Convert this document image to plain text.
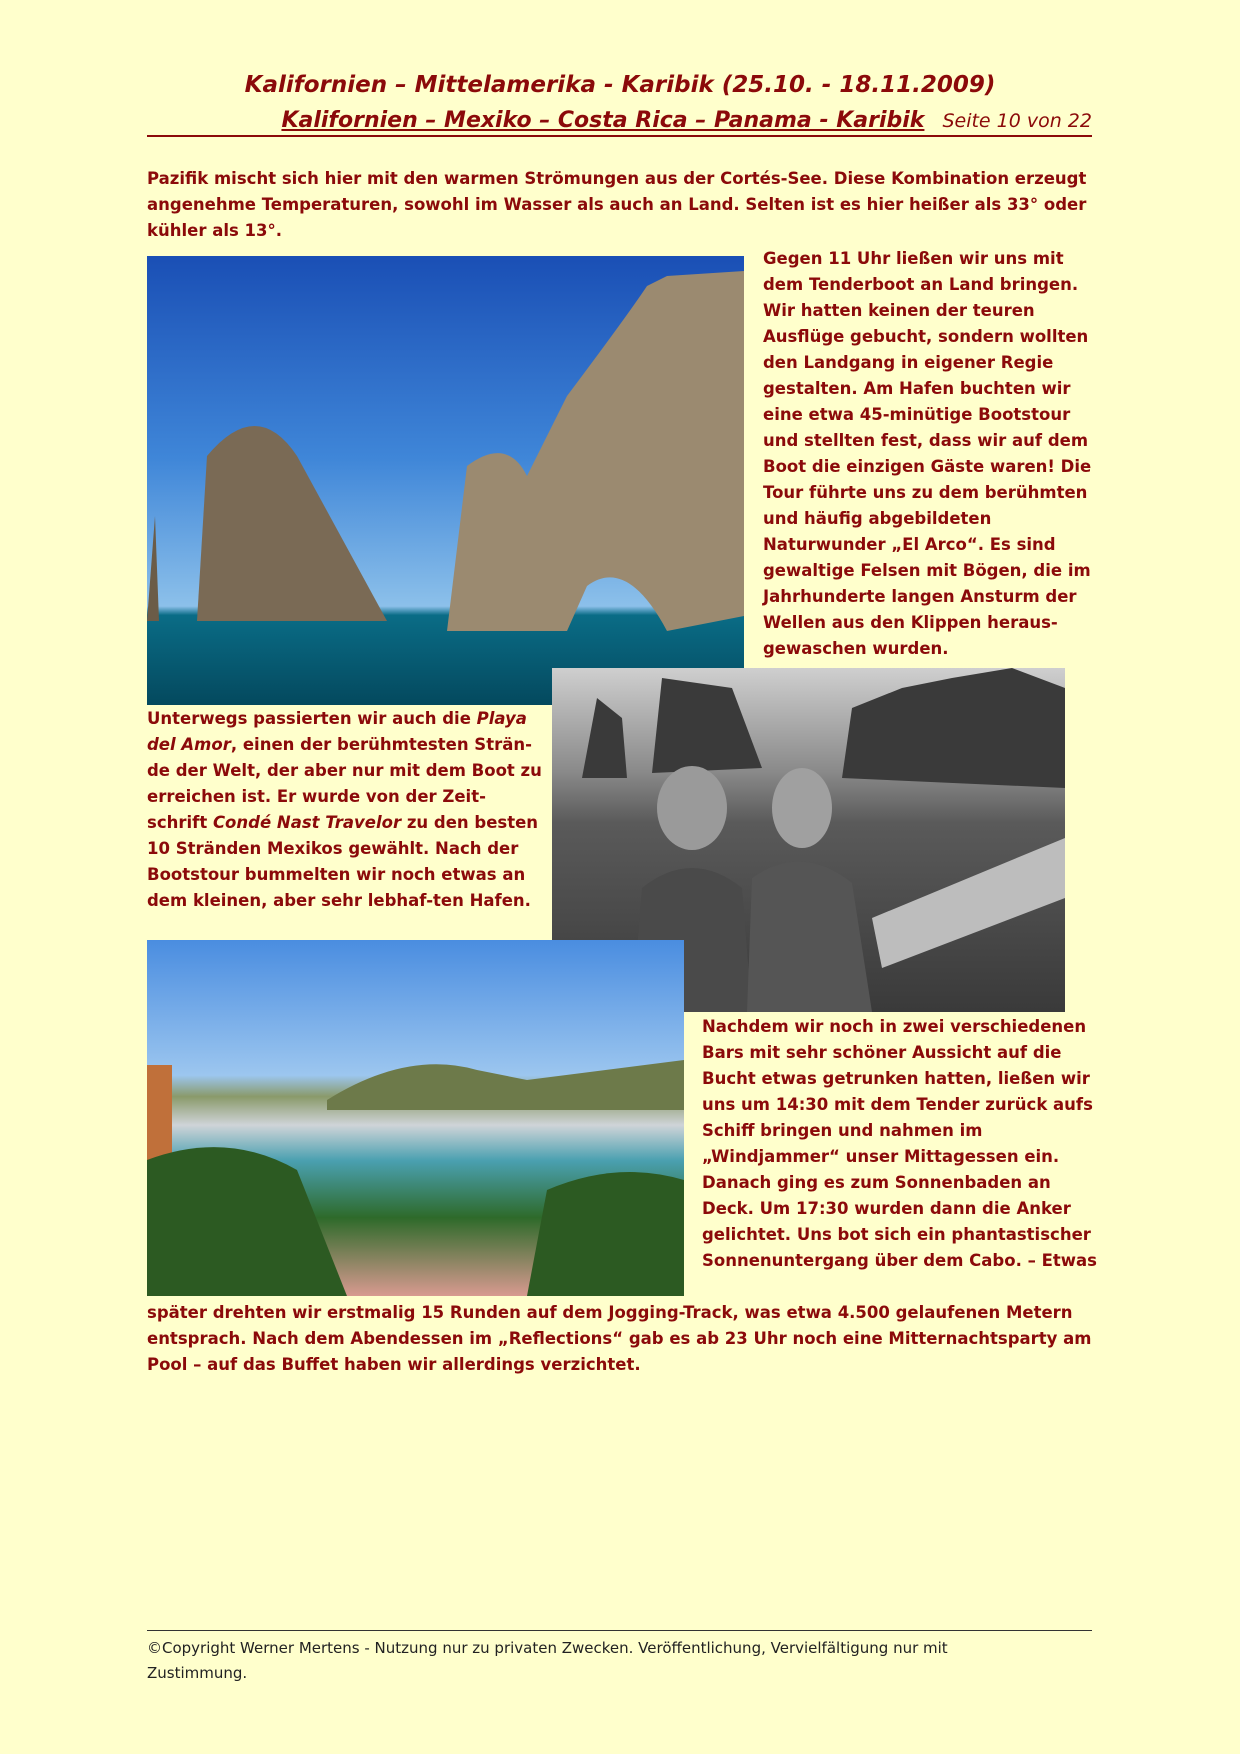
Kalifornien – Mittelamerika - Karibik (25.10. - 18.11.2009)
Kalifornien – Mexiko – Costa Rica – Panama - Karibik Seite 10 von 22
Pazifik mischt sich hier mit den warmen Strömungen aus der Cortés-See. Diese Kombination erzeugt angenehme Temperaturen, sowohl im Wasser als auch an Land. Selten ist es hier heißer als 33° oder kühler als 13°.
Gegen 11 Uhr ließen wir uns mit dem Tenderboot an Land bringen. Wir hatten keinen der teuren Ausflüge gebucht, sondern wollten den Landgang in eigener Regie gestalten. Am Hafen buchten wir eine etwa 45-minütige Bootstour und stellten fest, dass wir auf dem Boot die einzigen Gäste waren! Die Tour führte uns zu dem berühmten und häufig abgebildeten Naturwunder „El Arco“. Es sind gewaltige Felsen mit Bögen, die im Jahrhunderte langen Ansturm der Wellen aus den Klippen heraus-gewaschen wurden.
Unterwegs passierten wir auch die Playa del Amor, einen der berühmtesten Strän-de der Welt, der aber nur mit dem Boot zu erreichen ist. Er wurde von der Zeit-schrift Condé Nast Travelor zu den besten 10 Stränden Mexikos gewählt. Nach der Bootstour bummelten wir noch etwas an dem kleinen, aber sehr lebhaf-ten Hafen.
Nachdem wir noch in zwei verschiedenen Bars mit sehr schöner Aussicht auf die Bucht etwas getrunken hatten, ließen wir uns um 14:30 mit dem Tender zurück aufs Schiff bringen und nahmen im „Windjammer“ unser Mittagessen ein. Danach ging es zum Sonnenbaden an Deck. Um 17:30 wurden dann die Anker gelichtet. Uns bot sich ein phantastischer Sonnenuntergang über dem Cabo. – Etwas
später drehten wir erstmalig 15 Runden auf dem Jogging-Track, was etwa 4.500 gelaufenen Metern entsprach. Nach dem Abendessen im „Reflections“ gab es ab 23 Uhr noch eine Mitternachtsparty am Pool – auf das Buffet haben wir allerdings verzichtet.
©Copyright Werner Mertens - Nutzung nur zu privaten Zwecken. Veröffentlichung, Vervielfältigung nur mit Zustimmung.
